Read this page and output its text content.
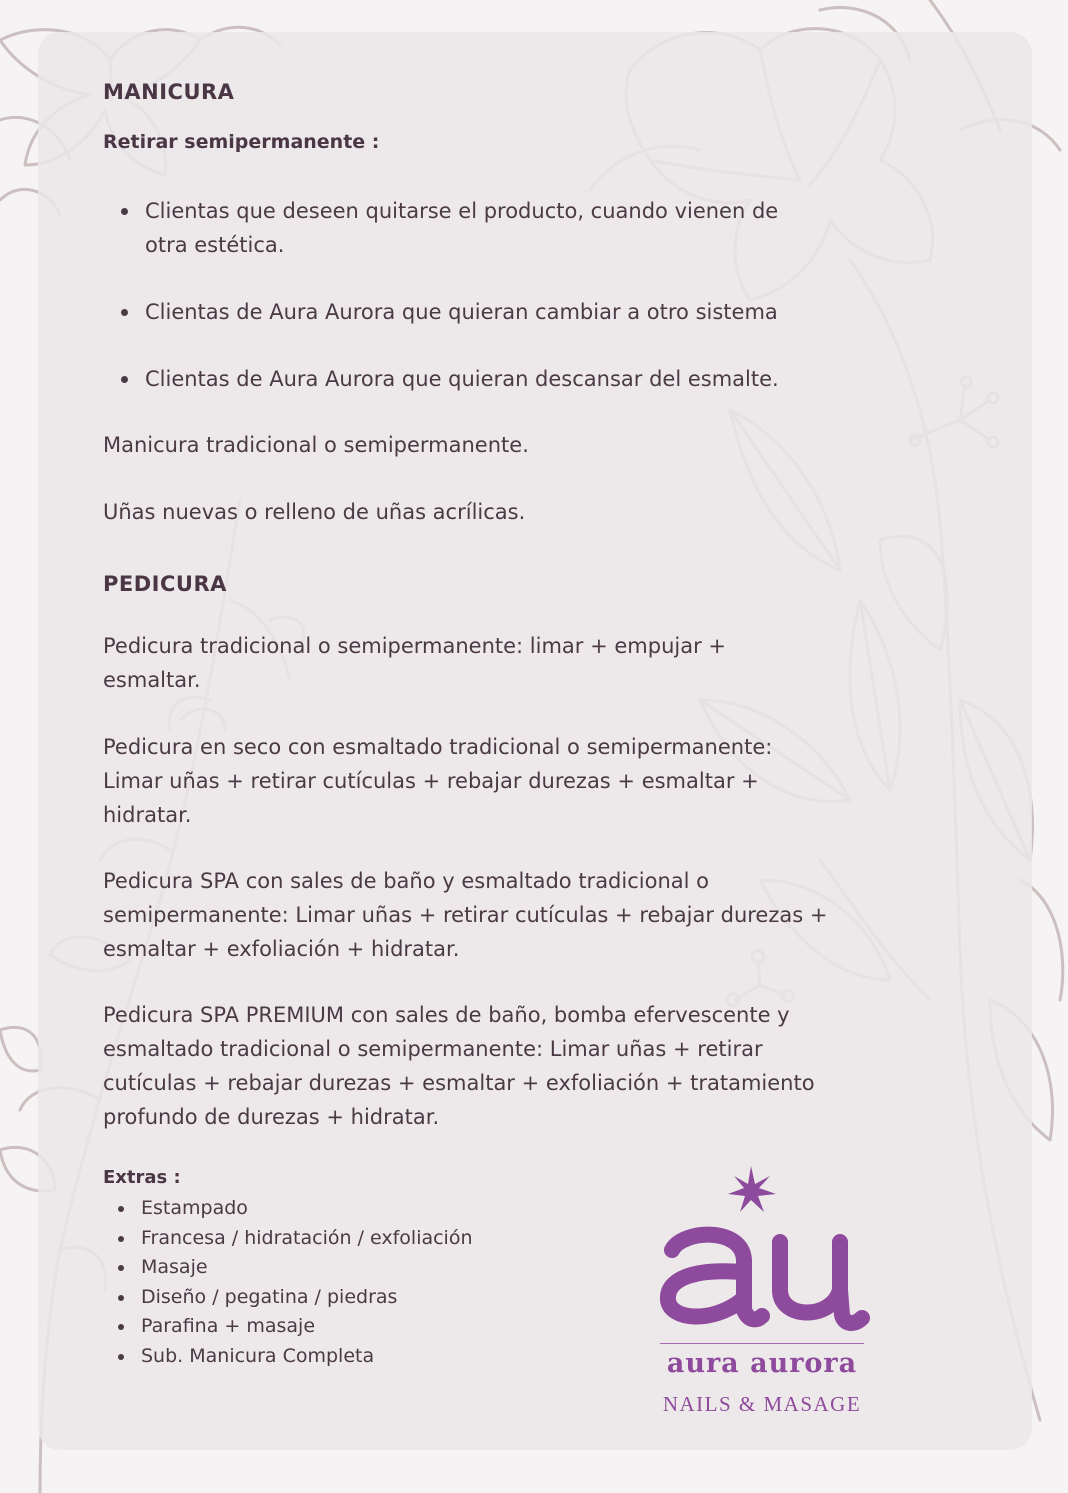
MANICURA
Retirar semipermanente :
Clientas que deseen quitarse el producto, cuando vienen de
otra estética.
Clientas de Aura Aurora que quieran cambiar a otro sistema
Clientas de Aura Aurora que quieran descansar del esmalte.

Manicura tradicional o semipermanente.

Uñas nuevas o relleno de uñas acrílicas.

PEDICURA

Pedicura tradicional o semipermanente: limar + empujar +
esmaltar.

Pedicura en seco con esmaltado tradicional o semipermanente:
Limar uñas + retirar cutículas + rebajar durezas + esmaltar +
hidratar.

Pedicura SPA con sales de baño y esmaltado tradicional o
semipermanente: Limar uñas + retirar cutículas + rebajar durezas +
esmaltar + exfoliación + hidratar.

Pedicura SPA PREMIUM con sales de baño, bomba efervescente y
esmaltado tradicional o semipermanente: Limar uñas + retirar
cutículas + rebajar durezas + esmaltar + exfoliación + tratamiento
profundo de durezas + hidratar.

Extras :
Estampado
Francesa / hidratación / exfoliación
Masaje
Diseño / pegatina / piedras
Parafina + masaje
Sub. Manicura Completa
au
aura aurora
NAILS & MASAGE
